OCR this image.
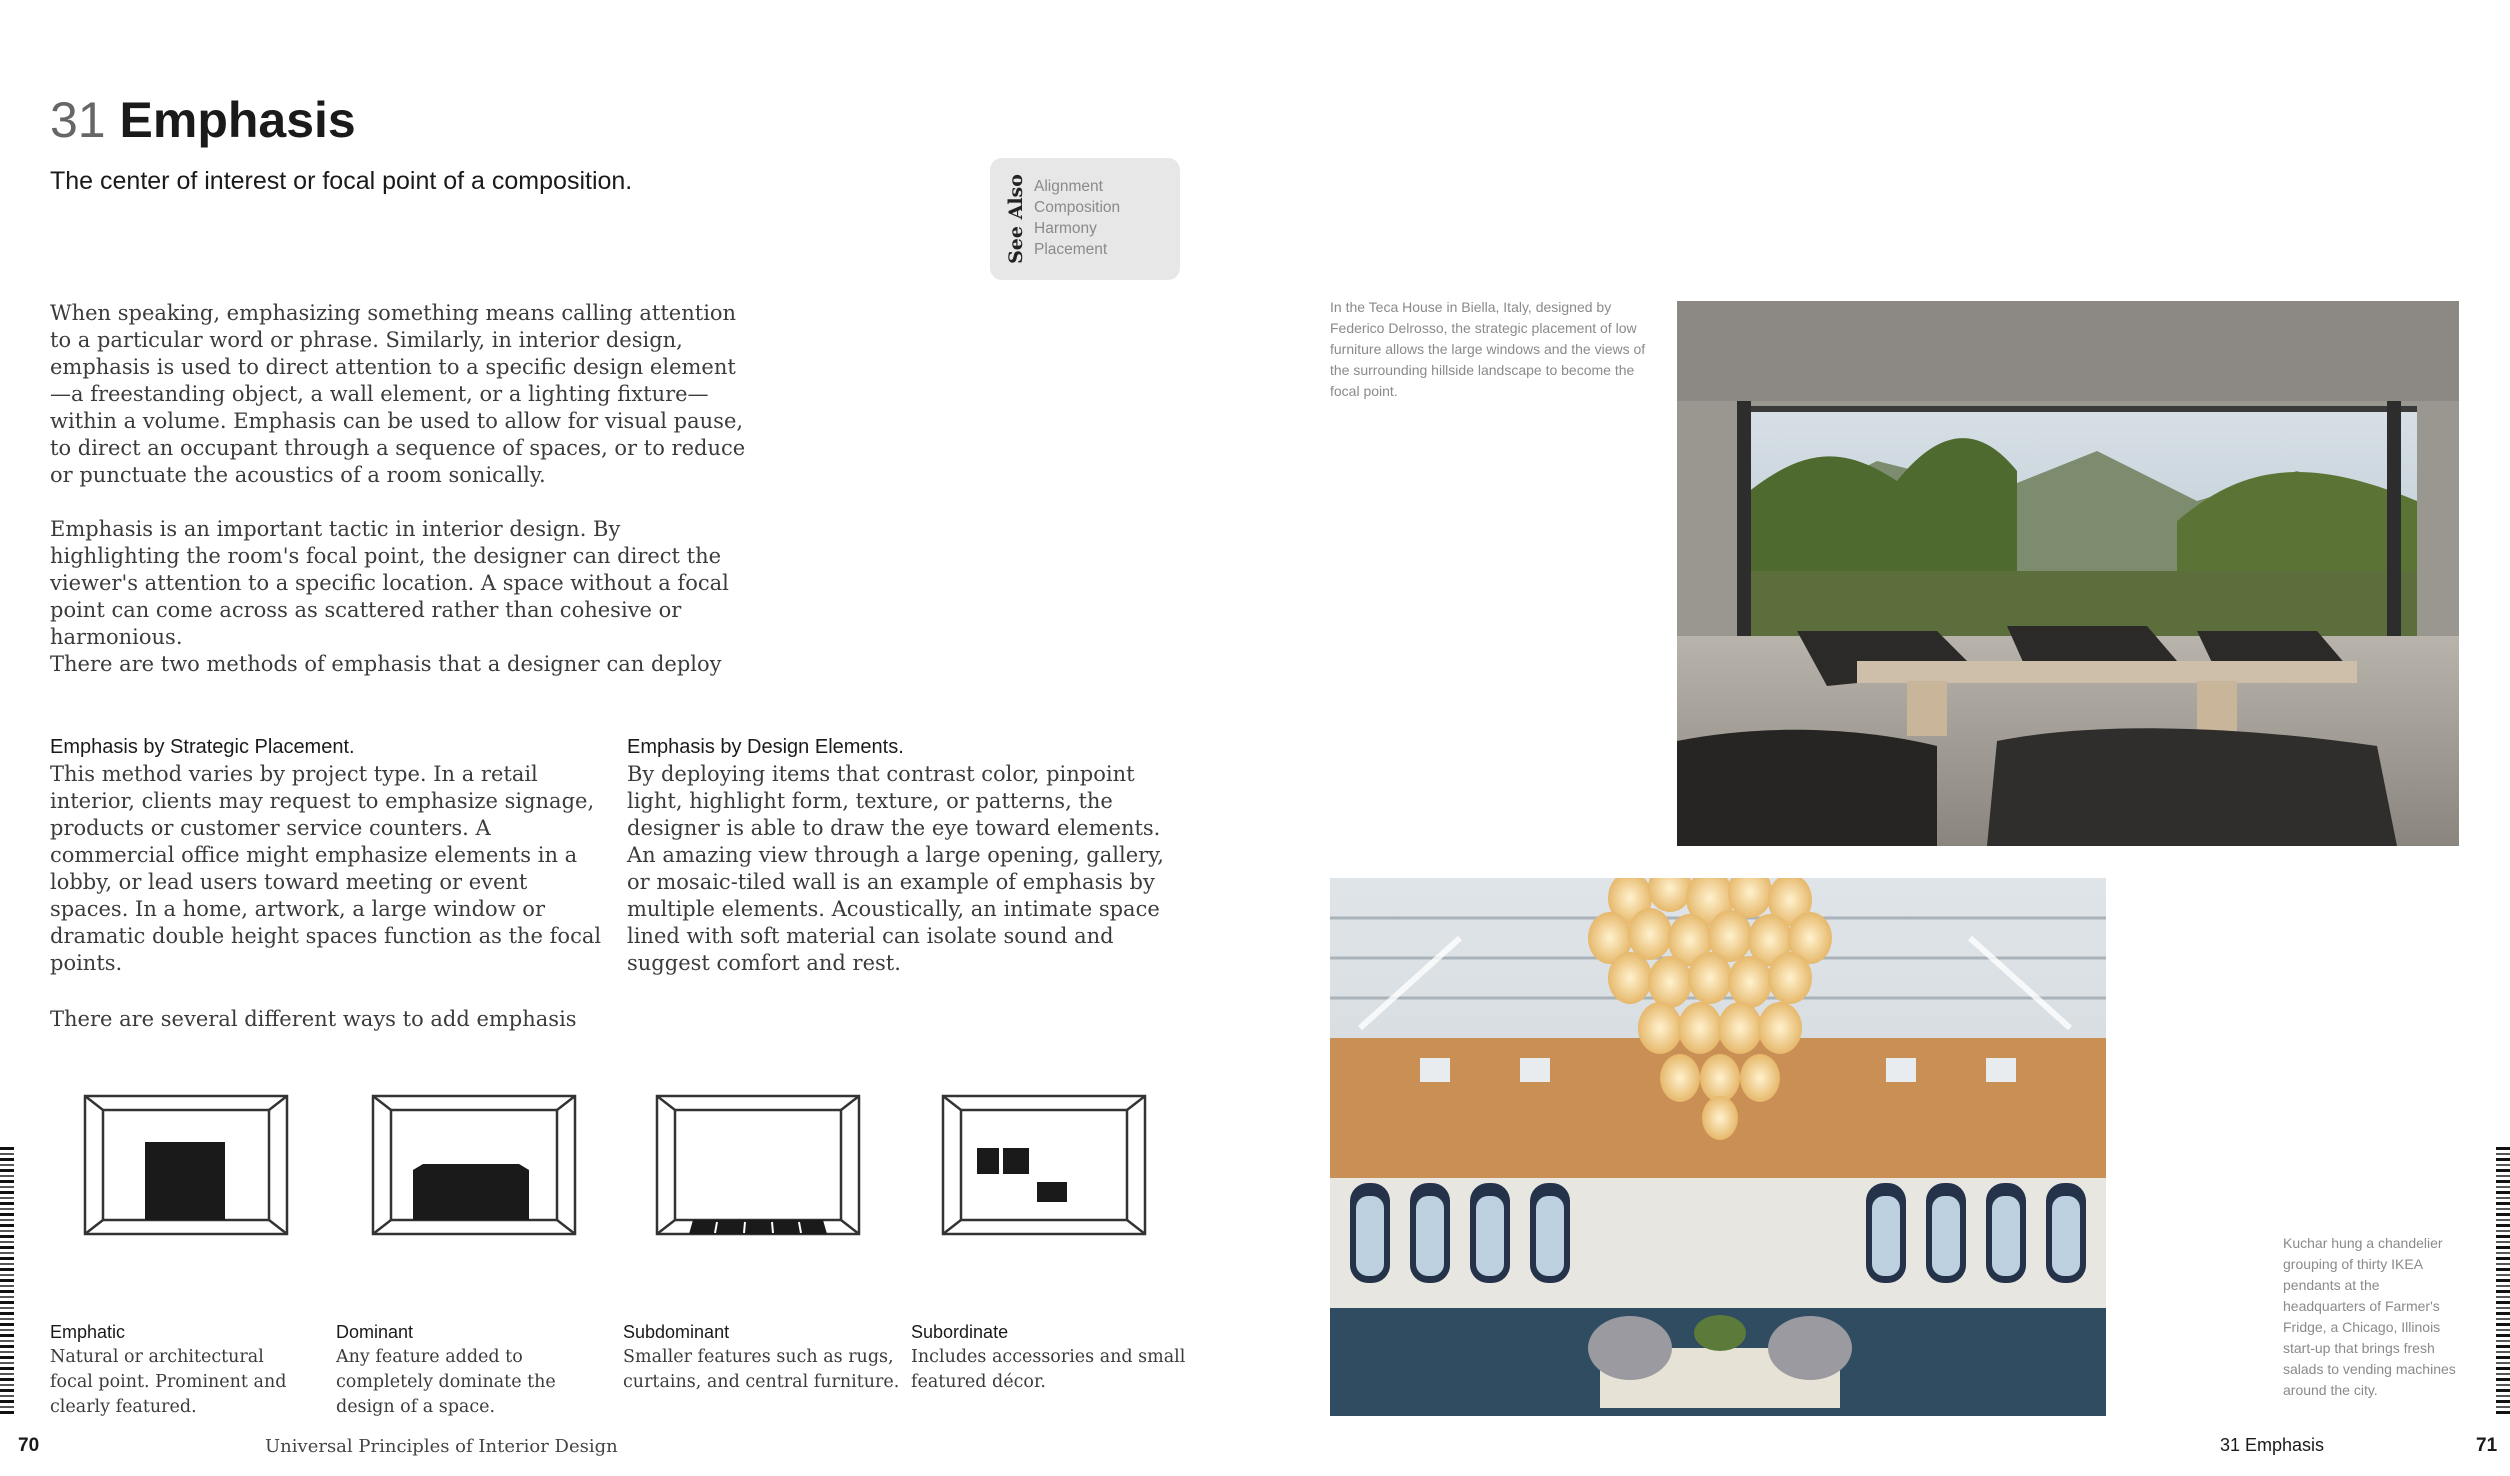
31 Emphasis
The center of interest or focal point of a composition.	See Also Alignment
Composition
Harmony
Placement

When speaking, emphasizing something means calling attention to a particular word or phrase. Similarly, in interior design, emphasis is used to direct attention to a specific design element—a freestanding object, a wall element, or a lighting fixture—within a volume. Emphasis can be used to allow for visual pause, to direct an occupant through a sequence of spaces, or to reduce or punctuate the acoustics of a room sonically.

Emphasis is an important tactic in interior design. By highlighting the room's focal point, the designer can direct the viewer's attention to a specific location. A space without a focal point can come across as scattered rather than cohesive or harmonious.

There are two methods of emphasis that a designer can deploy

Emphasis by Strategic Placement.

This method varies by project type. In a retail interior, clients may request to emphasize signage, products or customer service counters. A commercial office might emphasize elements in a lobby, or lead users toward meeting or event spaces. In a home, artwork, a large window or dramatic double height spaces function as the focal points.

Emphasis by Design Elements.

By deploying items that contrast color, pinpoint light, highlight form, texture, or patterns, the designer is able to draw the eye toward elements. An amazing view through a large opening, gallery, or mosaic-tiled wall is an example of emphasis by multiple elements. Acoustically, an intimate space lined with soft material can isolate sound and suggest comfort and rest.

There are several different ways to add emphasis

Emphatic
Natural or architectural focal point. Prominent and clearly featured.
Dominant
Any feature added to completely dominate the design of a space.
Subdominant
Smaller features such as rugs, curtains, and central furniture.
Subordinate
Includes accessories and small featured décor.
70	Universal Principles of Interior Design

In the Teca House in Biella, Italy, designed by Federico Delrosso, the strategic placement of low furniture allows the large windows and the views of the surrounding hillside landscape to become the focal point.

Kuchar hung a chandelier grouping of thirty IKEA pendants at the headquarters of Farmer's Fridge, a Chicago, Illinois start-up that brings fresh salads to vending machines around the city.

31 Emphasis	71
